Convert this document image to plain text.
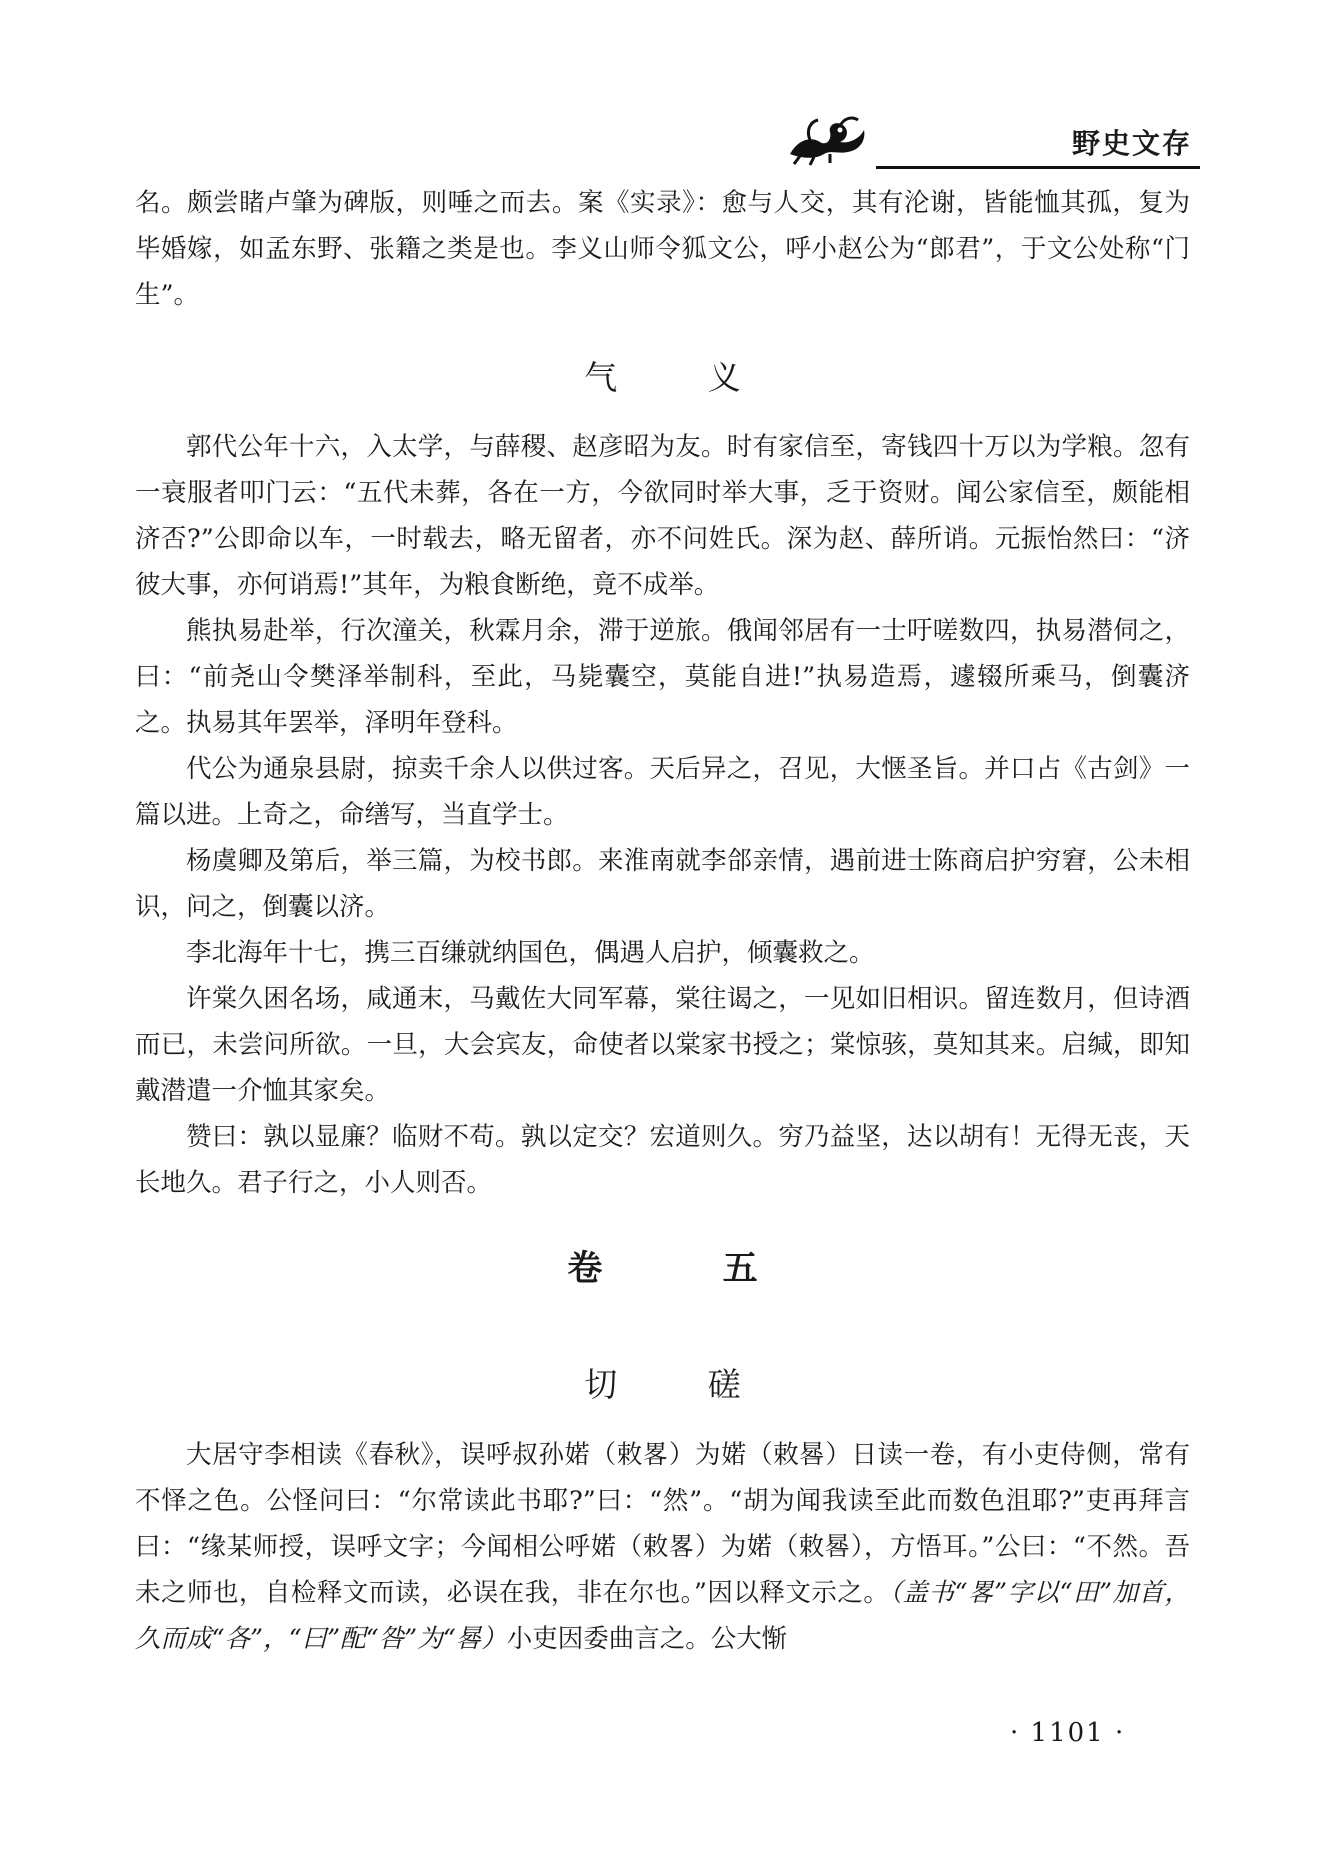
野史文存

名。颇尝睹卢肇为碑版，则唾之而去。案《实录》：愈与人交，其有沦谢，皆能恤其孤，复为毕婚嫁，如孟东野、张籍之类是也。李义山师令狐文公，呼小赵公为“郎君”，于文公处称“门生”。

气 义

郭代公年十六，入太学，与薛稷、赵彦昭为友。时有家信至，寄钱四十万以为学粮。忽有一衰服者叩门云：“五代未葬，各在一方，今欲同时举大事，乏于资财。闻公家信至，颇能相济否?”公即命以车，一时载去，略无留者，亦不问姓氏。深为赵、薛所诮。元振怡然曰：“济彼大事，亦何诮焉!”其年，为粮食断绝，竟不成举。

熊执易赴举，行次潼关，秋霖月余，滞于逆旅。俄闻邻居有一士吁嗟数四，执易潜伺之，曰：“前尧山令樊泽举制科，至此，马毙囊空，莫能自进!”执易造焉，遽辍所乘马，倒囊济之。执易其年罢举，泽明年登科。

代公为通泉县尉，掠卖千余人以供过客。天后异之，召见，大惬圣旨。并口占《古剑》一篇以进。上奇之，命缮写，当直学士。

杨虞卿及第后，举三篇，为校书郎。来淮南就李郃亲情，遇前进士陈商启护穷窘，公未相识，问之，倒囊以济。

李北海年十七，携三百缣就纳国色，偶遇人启护，倾囊救之。

许棠久困名场，咸通末，马戴佐大同军幕，棠往谒之，一见如旧相识。留连数月，但诗酒而已，未尝问所欲。一旦，大会宾友，命使者以棠家书授之；棠惊骇，莫知其来。启缄，即知戴潜遣一介恤其家矣。

赞曰：孰以显廉？临财不苟。孰以定交？宏道则久。穷乃益坚，达以胡有！无得无丧，天长地久。君子行之，小人则否。

卷 五

切 磋

大居守李相读《春秋》，误呼叔孙婼（敕畧）为婼（敕晷）日读一卷，有小吏侍侧，常有不怿之色。公怪问曰：“尔常读此书耶?”曰：“然”。“胡为闻我读至此而数色沮耶?”吏再拜言曰：“缘某师授，误呼文字；今闻相公呼婼（敕畧）为婼（敕晷），方悟耳。”公曰：“不然。吾未之师也，自检释文而读，必误在我，非在尔也。”因以释文示之。（盖书“畧”字以“田”加首，久而成“各”，“曰”配“咎”为“晷）小吏因委曲言之。公大惭

· 1101 ·
